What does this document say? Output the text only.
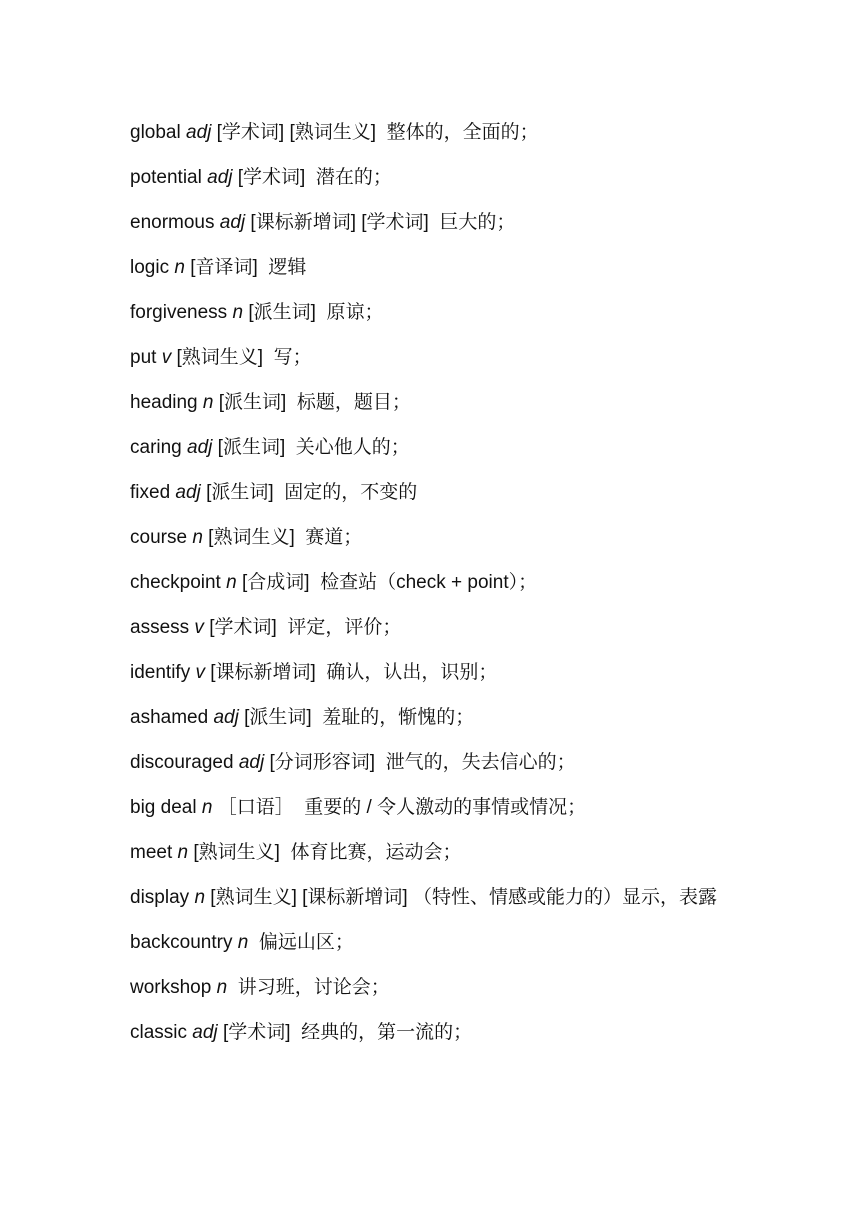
global adj [学术词] [熟词生义] 整体的，全面的；
potential adj [学术词] 潜在的；
enormous adj [课标新增词] [学术词] 巨大的；
logic n [音译词] 逻辑
forgiveness n [派生词] 原谅；
put v [熟词生义] 写；
heading n [派生词] 标题，题目；
caring adj [派生词] 关心他人的；
fixed adj [派生词] 固定的，不变的
course n [熟词生义] 赛道；
checkpoint n [合成词] 检查站（check + point）；
assess v [学术词] 评定，评价；
identify v [课标新增词] 确认，认出，识别；
ashamed adj [派生词] 羞耻的，惭愧的；
discouraged adj [分词形容词] 泄气的，失去信心的；
big deal n ［口语］ 重要的 / 令人激动的事情或情况；
meet n [熟词生义] 体育比赛，运动会；
display n [熟词生义] [课标新增词] （特性、情感或能力的）显示，表露
backcountry n 偏远山区；
workshop n 讲习班，讨论会；
classic adj [学术词] 经典的，第一流的；
